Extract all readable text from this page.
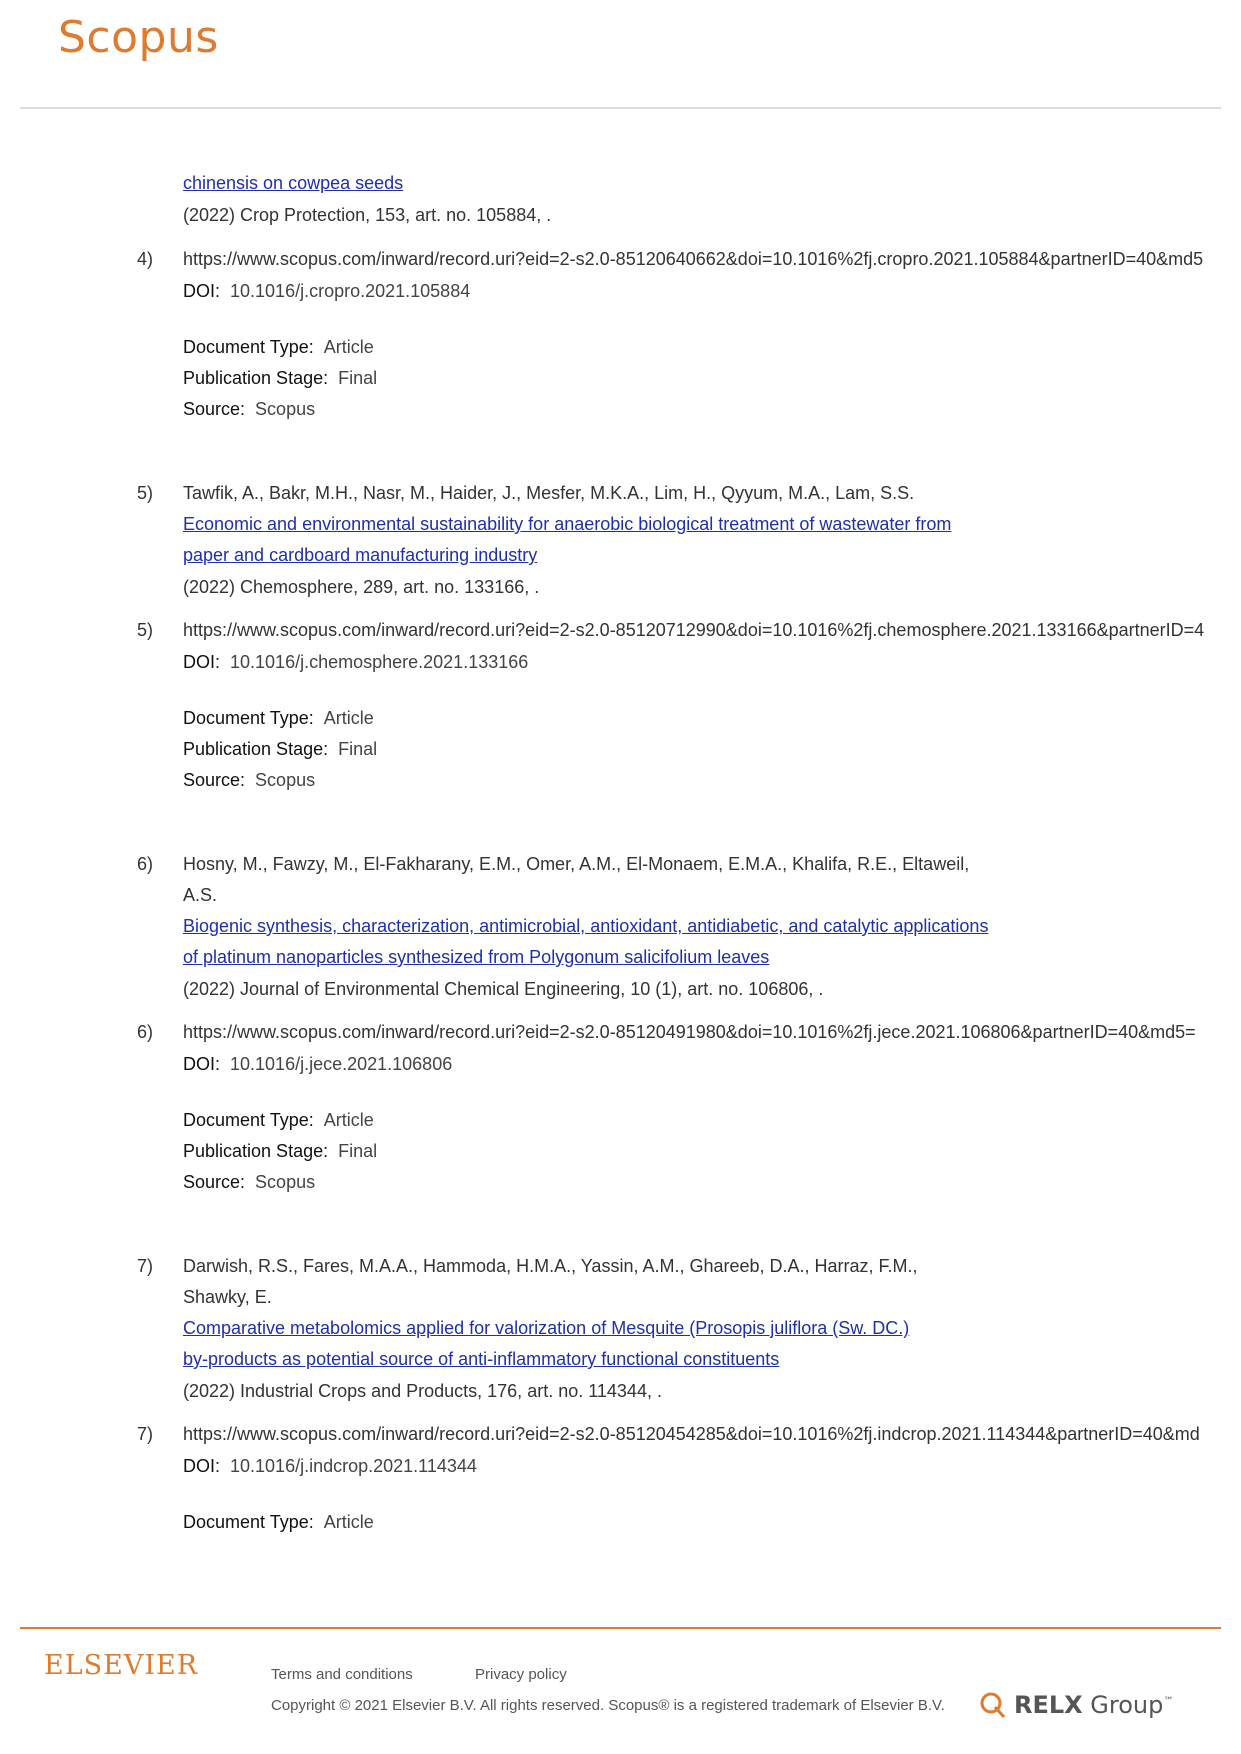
Scopus
chinensis on cowpea seeds
(2022) Crop Protection, 153, art. no. 105884, .
4) https://www.scopus.com/inward/record.uri?eid=2-s2.0-85120640662&doi=10.1016%2fj.cropro.2021.105884&partnerID=40&md5
DOI: 10.1016/j.cropro.2021.105884
Document Type: Article
Publication Stage: Final
Source: Scopus
5) Tawfik, A., Bakr, M.H., Nasr, M., Haider, J., Mesfer, M.K.A., Lim, H., Qyyum, M.A., Lam, S.S.
Economic and environmental sustainability for anaerobic biological treatment of wastewater from
paper and cardboard manufacturing industry
(2022) Chemosphere, 289, art. no. 133166, .
5) https://www.scopus.com/inward/record.uri?eid=2-s2.0-85120712990&doi=10.1016%2fj.chemosphere.2021.133166&partnerID=4
DOI: 10.1016/j.chemosphere.2021.133166
Document Type: Article
Publication Stage: Final
Source: Scopus
6) Hosny, M., Fawzy, M., El-Fakharany, E.M., Omer, A.M., El-Monaem, E.M.A., Khalifa, R.E., Eltaweil,
A.S.
Biogenic synthesis, characterization, antimicrobial, antioxidant, antidiabetic, and catalytic applications
of platinum nanoparticles synthesized from Polygonum salicifolium leaves
(2022) Journal of Environmental Chemical Engineering, 10 (1), art. no. 106806, .
6) https://www.scopus.com/inward/record.uri?eid=2-s2.0-85120491980&doi=10.1016%2fj.jece.2021.106806&partnerID=40&md5=
DOI: 10.1016/j.jece.2021.106806
Document Type: Article
Publication Stage: Final
Source: Scopus
7) Darwish, R.S., Fares, M.A.A., Hammoda, H.M.A., Yassin, A.M., Ghareeb, D.A., Harraz, F.M.,
Shawky, E.
Comparative metabolomics applied for valorization of Mesquite (Prosopis juliflora (Sw. DC.)
by-products as potential source of anti-inflammatory functional constituents
(2022) Industrial Crops and Products, 176, art. no. 114344, .
7) https://www.scopus.com/inward/record.uri?eid=2-s2.0-85120454285&doi=10.1016%2fj.indcrop.2021.114344&partnerID=40&md
DOI: 10.1016/j.indcrop.2021.114344
Document Type: Article
ELSEVIER	Terms and conditions	Privacy policy
Copyright © 2021 Elsevier B.V. All rights reserved. Scopus® is a registered trademark of Elsevier B.V.	RELX Group™
